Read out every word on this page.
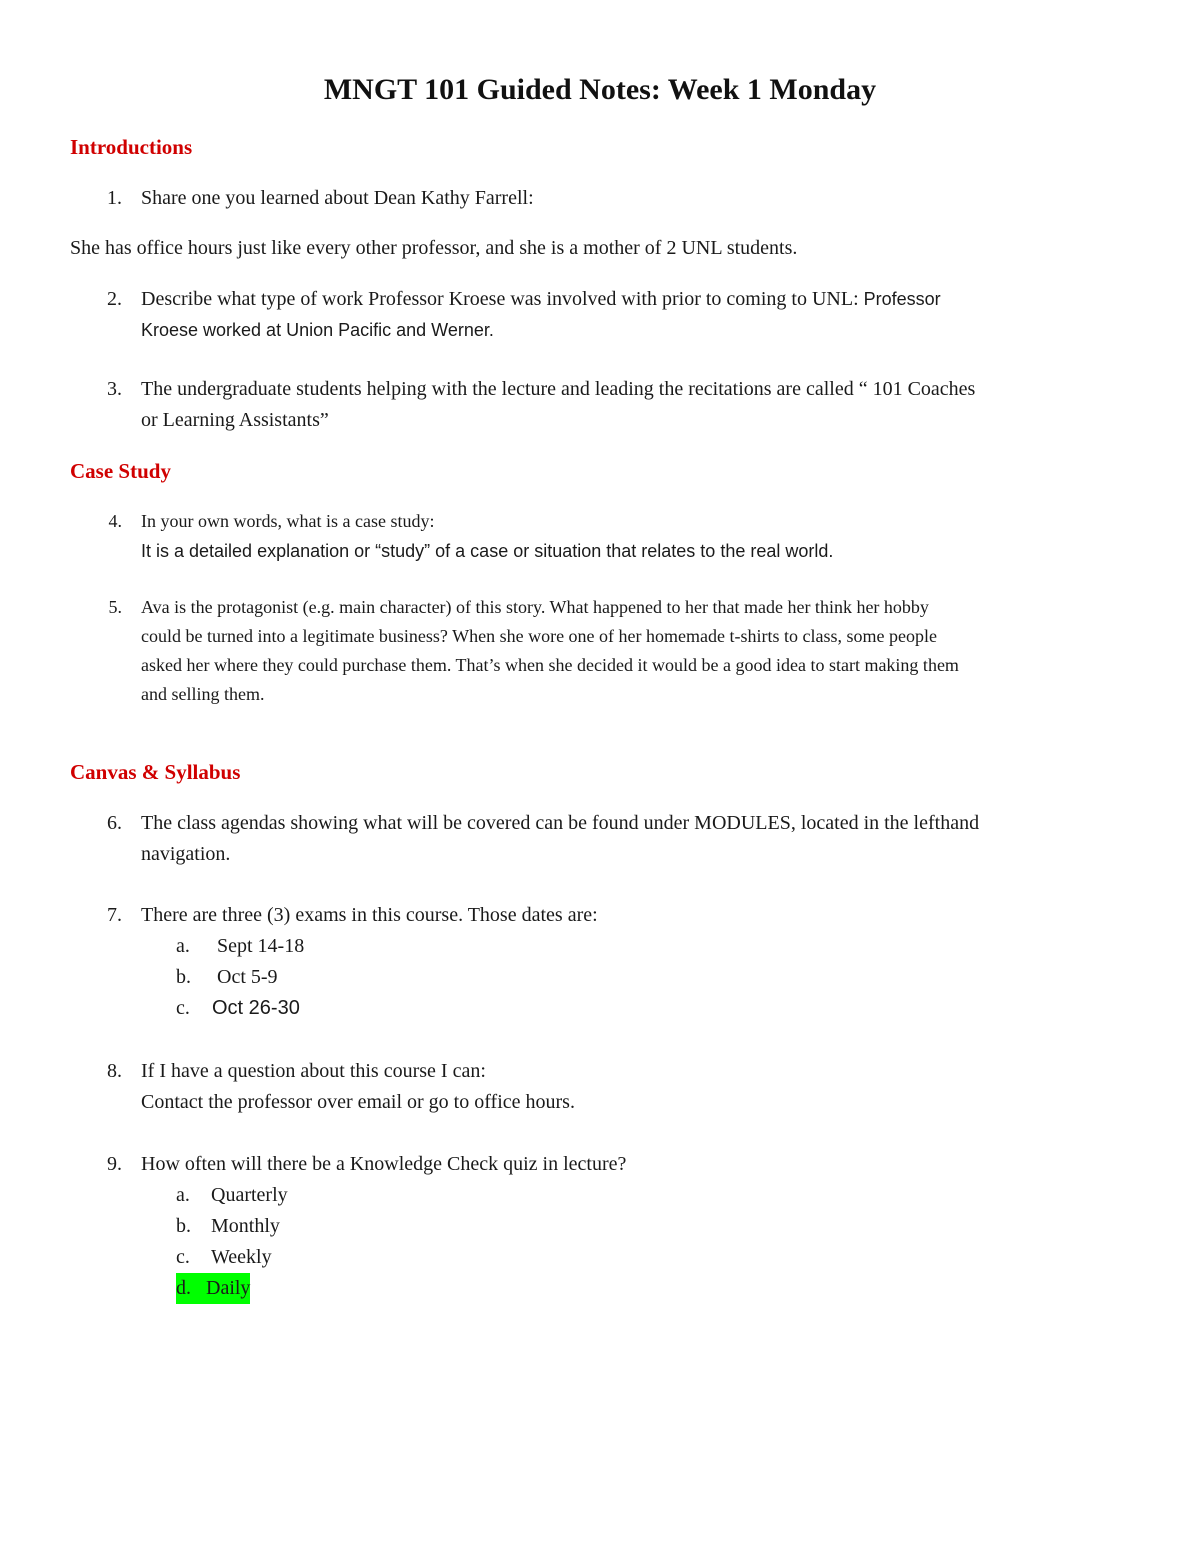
MNGT 101 Guided Notes: Week 1 Monday
Introductions
1. Share one you learned about Dean Kathy Farrell:
She has office hours just like every other professor, and she is a mother of 2 UNL students.
2. Describe what type of work Professor Kroese was involved with prior to coming to UNL: Professor
Kroese worked at Union Pacific and Werner.
3. The undergraduate students helping with the lecture and leading the recitations are called “ 101 Coaches
or Learning Assistants”
Case Study
4. In your own words, what is a case study:
It is a detailed explanation or “study” of a case or situation that relates to the real world.
5. Ava is the protagonist (e.g. main character) of this story. What happened to her that made her think her hobby
could be turned into a legitimate business? When she wore one of her homemade t-shirts to class, some people
asked her where they could purchase them. That’s when she decided it would be a good idea to start making them
and selling them.
Canvas & Syllabus
6. The class agendas showing what will be covered can be found under MODULES, located in the lefthand
navigation.
7. There are three (3) exams in this course. Those dates are:
a. Sept 14-18
b. Oct 5-9
c. Oct 26-30
8. If I have a question about this course I can:
Contact the professor over email or go to office hours.
9. How often will there be a Knowledge Check quiz in lecture?
a. Quarterly
b. Monthly
c. Weekly
d. Daily
